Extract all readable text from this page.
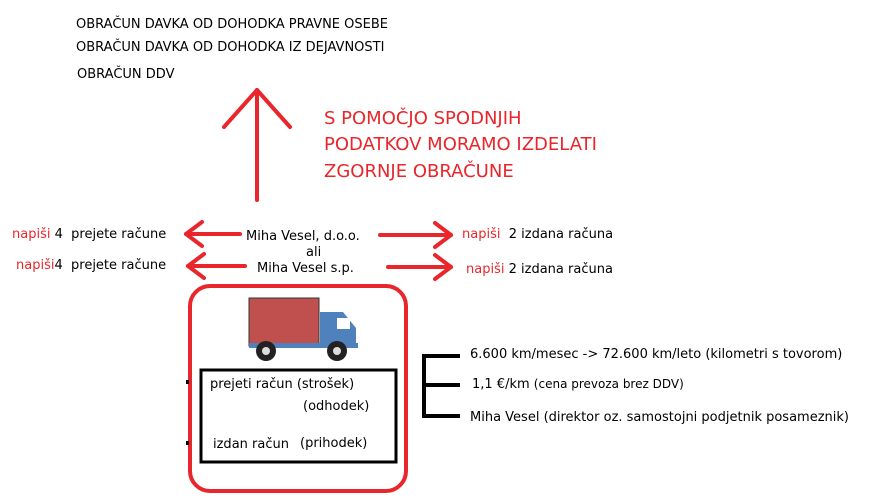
OBRAČUN DAVKA OD DOHODKA PRAVNE OSEBE
OBRAČUN DAVKA OD DOHODKA IZ DEJAVNOSTI
OBRAČUN DDV
S POMOČJO SPODNJIH
PODATKOV MORAMO IZDELATI
ZGORNJE OBRAČUNE
Miha Vesel, d.o.o.
ali
Miha Vesel s.p.
napiši 4 prejete račune
napiši4 prejete račune
napiši 2 izdana računa
napiši 2 izdana računa
prejeti račun (strošek)
(odhodek)
izdan račun (prihodek)
6.600 km/mesec -> 72.600 km/leto (kilometri s tovorom)
1,1 €/km (cena prevoza brez DDV)
Miha Vesel (direktor oz. samostojni podjetnik posameznik)
